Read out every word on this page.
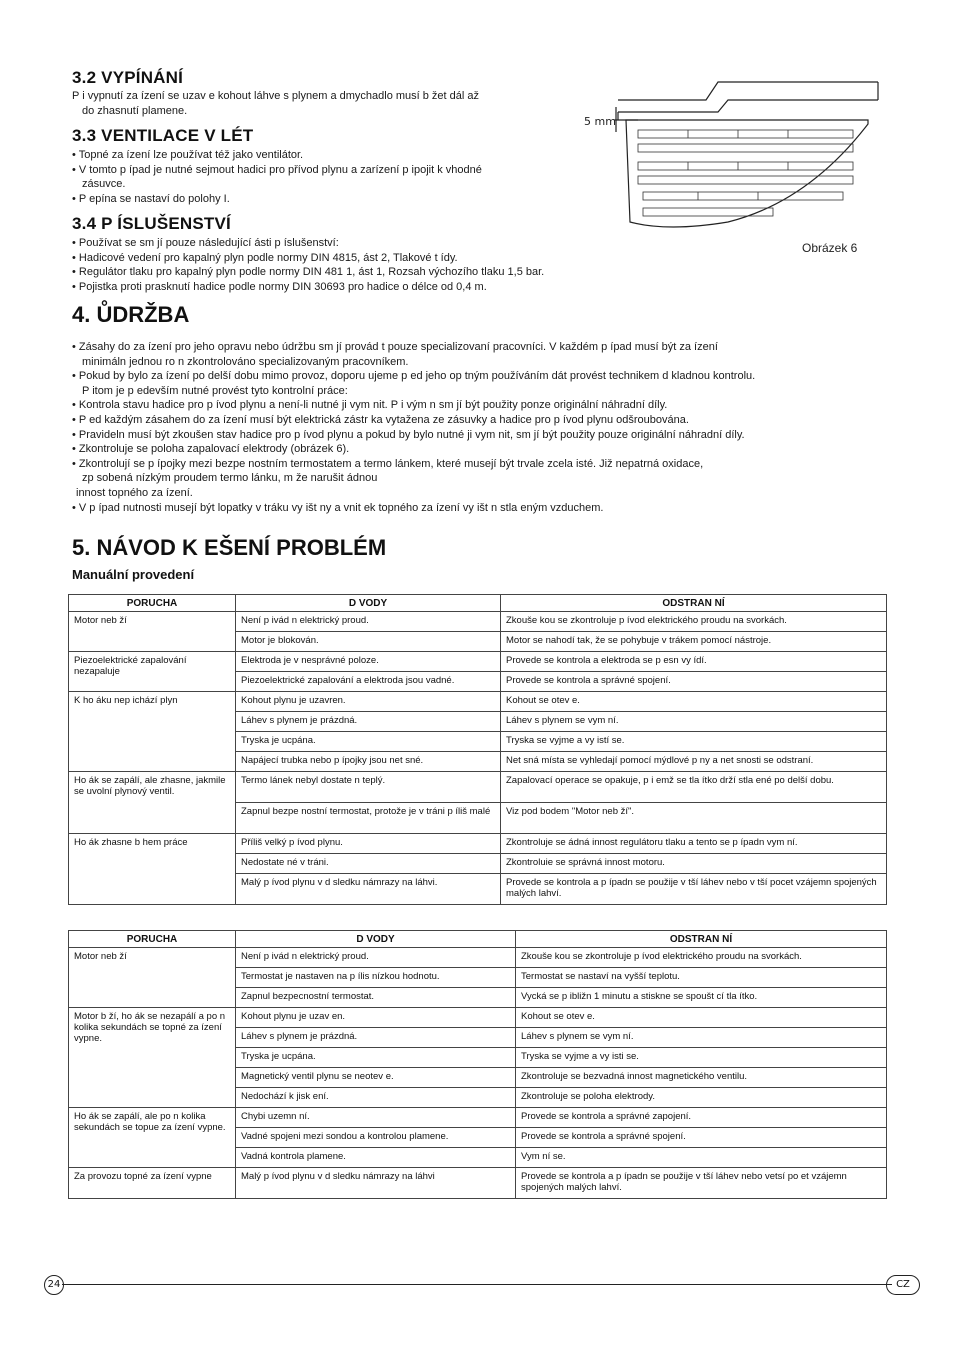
3.2 VYPÍNÁNÍ
P i vypnutí za ízení se uzav e kohout láhve s plynem a dmychadlo musí b žet dál až
do zhasnutí plamene.
3.3 VENTILACE V LÉT
• Topné za ízení lze používat též jako ventilátor.
• V tomto p ípad je nutné sejmout hadici pro přívod plynu a zarízení p ipojit k vhodné
zásuvce.
• P epína se nastaví do polohy I.
3.4 P ÍSLUŠENSTVÍ
• Používat se sm jí pouze následující ásti p íslušenství:
• Hadicové vedení pro kapalný plyn podle normy DIN 4815, ást 2, Tlakové t ídy.
• Regulátor tlaku pro kapalný plyn podle normy DIN 481 1, ást 1, Rozsah výchozího tlaku 1,5 bar.
• Pojistka proti prasknutí hadice podle normy DIN 30693 pro hadice o délce od 0,4 m.
5 mm
Obrázek 6
4. ŮDRŽBA
• Zásahy do za ízení pro jeho opravu nebo údržbu sm jí provád t pouze specializovaní pracovníci. V každém p ípad musí být za ízení
minimáln jednou ro n zkontrolováno specializovaným pracovníkem.
• Pokud by bylo za ízení po delší dobu mimo provoz, doporu ujeme p ed jeho op tným používáním dát provést technikem d kladnou kontrolu.
P itom je p edevším nutné provést tyto kontrolní práce:
• Kontrola stavu hadice pro p ívod plynu a není-li nutné ji vym nit. P i vým n sm jí být použity ponze originální náhradní díly.
• P ed každým zásahem do za ízení musí být elektrická zástr ka vytažena ze zásuvky a hadice pro p ívod plynu odšroubována.
• Pravideln musí být zkoušen stav hadice pro p ívod plynu a pokud by bylo nutné ji vym nit, sm jí být použity pouze originální náhradní díly.
• Zkontroluje se poloha zapalovací elektrody (obrázek 6).
• Zkontrolují se p ípojky mezi bezpe nostním termostatem a termo lánkem, které musejí být trvale zcela isté. Již nepatrná oxidace,
zp sobená nízkým proudem termo lánku, m že narušit ádnou
innost topného za ízení.
• V p ípad nutnosti musejí být lopatky v tráku vy išt ny a vnit ek topného za ízení vy išt n stla eným vzduchem.
5. NÁVOD K EŠENÍ PROBLÉM
Manuální provedení
PORUCHA	D VODY	ODSTRAN NÍ
Motor neb ží	Není p ivád n elektrický proud.	Zkouše kou se zkontroluje p ívod elektrického proudu na svorkách.
	Motor je blokován.	Motor se nahodí tak, že se pohybuje v trákem pomocí nástroje.
Piezoelektrické zapalování nezapaluje	Elektroda je v nesprávné poloze.	Provede se kontrola a elektroda se p esn vy ídí.
	Piezoelektrické zapalování a elektroda jsou vadné.	Provede se kontrola a správné spojení.
K ho áku nep ichází plyn	Kohout plynu je uzavren.	Kohout se otev e.
	Láhev s plynem je prázdná.	Láhev s plynem se vym ní.
	Tryska je ucpána.	Tryska se vyjme a vy istí se.
	Napájecí trubka nebo p ípojky jsou net sné.	Net sná místa se vyhledají pomocí mýdlové p ny a net snosti se odstraní.
Ho ák se zapálí, ale zhasne, jakmile se uvolní plynový ventil.	Termo lánek nebyl dostate n teplý.	Zapalovací operace se opakuje, p i emž se tla ítko drží stla ené po delší dobu.
	Zapnul bezpe nostní termostat, protože je v tráni p íliš malé	Viz pod bodem "Motor neb ží".
Ho ák zhasne b hem práce	Příliš velký p ívod plynu.	Zkontroluje se ádná innost regulátoru tlaku a tento se p ípadn vym ní.
	Nedostate né v tráni.	Zkontroluie se správná innost motoru.
	Malý p ívod plynu v d sledku námrazy na láhvi.	Provede se kontrola a p ípadn se použije v tší láhev nebo v tší pocet vzájemn spojených malých lahví.
PORUCHA	D VODY	ODSTRAN NÍ
Motor neb ží	Není p ivád n elektrický proud.	Zkouše kou se zkontroluje p ívod elektrického proudu na svorkách.
	Termostat je nastaven na p ílis nízkou hodnotu.	Termostat se nastaví na vyšší teplotu.
	Zapnul bezpecnostní termostat.	Vycká se p ibližn 1 minutu a stiskne se spoušt cí tla ítko.
Motor b ží, ho ák se nezapálí a po n kolika sekundách se topné za ízení vypne.	Kohout plynu je uzav en.	Kohout se otev e.
	Láhev s plynem je prázdná.	Láhev s plynem se vym ní.
	Tryska je ucpána.	Tryska se vyjme a vy isti se.
	Magnetický ventil plynu se neotev e.	Zkontroluje se bezvadná innost magnetického ventilu.
	Nedochází k jisk ení.	Zkontroluje se poloha elektrody.
Ho ák se zapálí, ale po n kolika sekundách se topue za ízení vypne.	Chybi uzemn ní.	Provede se kontrola a správné zapojení.
	Vadné spojeni mezi sondou a kontrolou plamene.	Provede se kontrola a správné spojení.
	Vadná kontrola plamene.	Vym ní se.
Za provozu topné za ízení vypne	Malý p ívod plynu v d sledku námrazy na láhvi	Provede se kontrola a p ípadn se použije v tší láhev nebo vetsí po et vzájemn spojených malých lahví.
24	CZ
